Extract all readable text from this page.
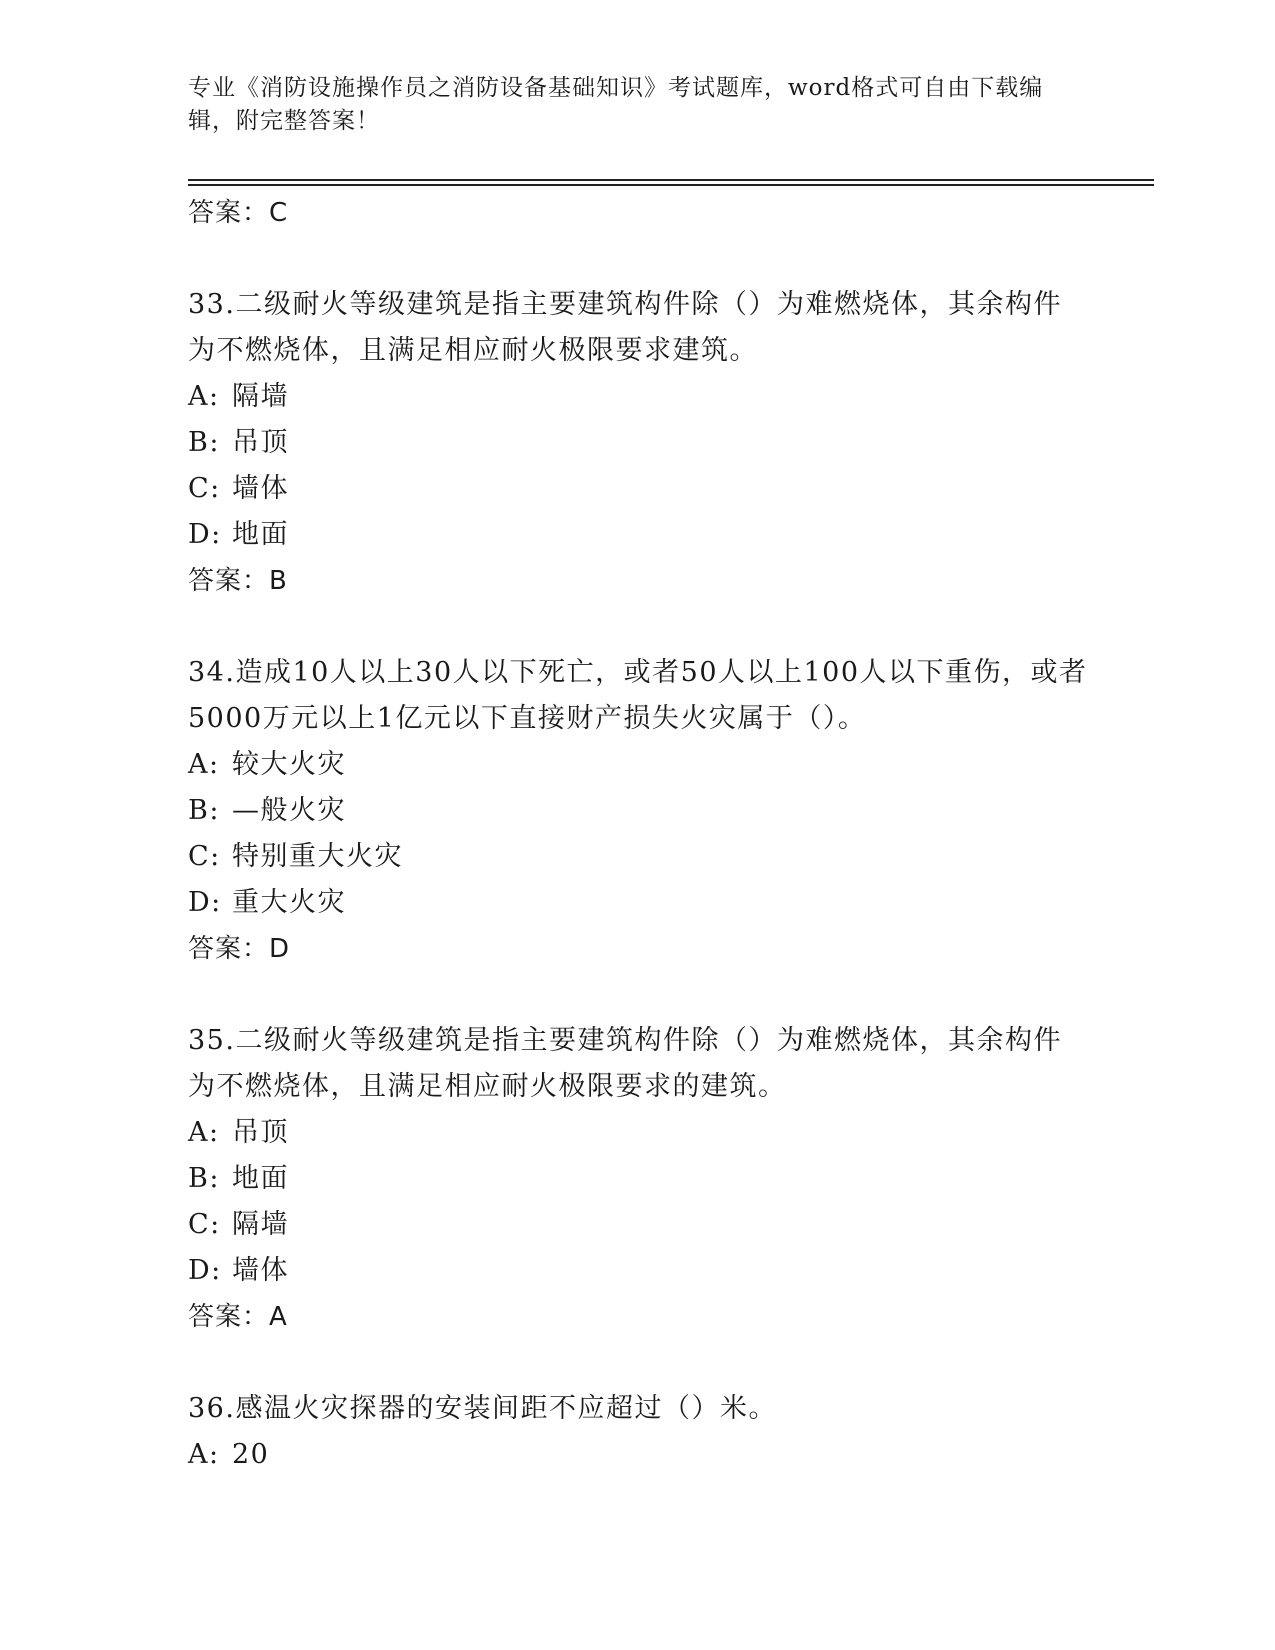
专业《消防设施操作员之消防设备基础知识》考试题库，word格式可自由下载编辑，附完整答案！
答案：C
33.二级耐火等级建筑是指主要建筑构件除（）为难燃烧体，其余构件为不燃烧体，且满足相应耐火极限要求建筑。
A: 隔墙
B: 吊顶
C: 墙体
D: 地面
答案：B
34.造成10人以上30人以下死亡，或者50人以上100人以下重伤，或者5000万元以上1亿元以下直接财产损失火灾属于（）。
A: 较大火灾
B: —般火灾
C: 特别重大火灾
D: 重大火灾
答案：D
35.二级耐火等级建筑是指主要建筑构件除（）为难燃烧体，其余构件为不燃烧体，且满足相应耐火极限要求的建筑。
A: 吊顶
B: 地面
C: 隔墙
D: 墙体
答案：A
36.感温火灾探器的安装间距不应超过（）米。
A: 20
